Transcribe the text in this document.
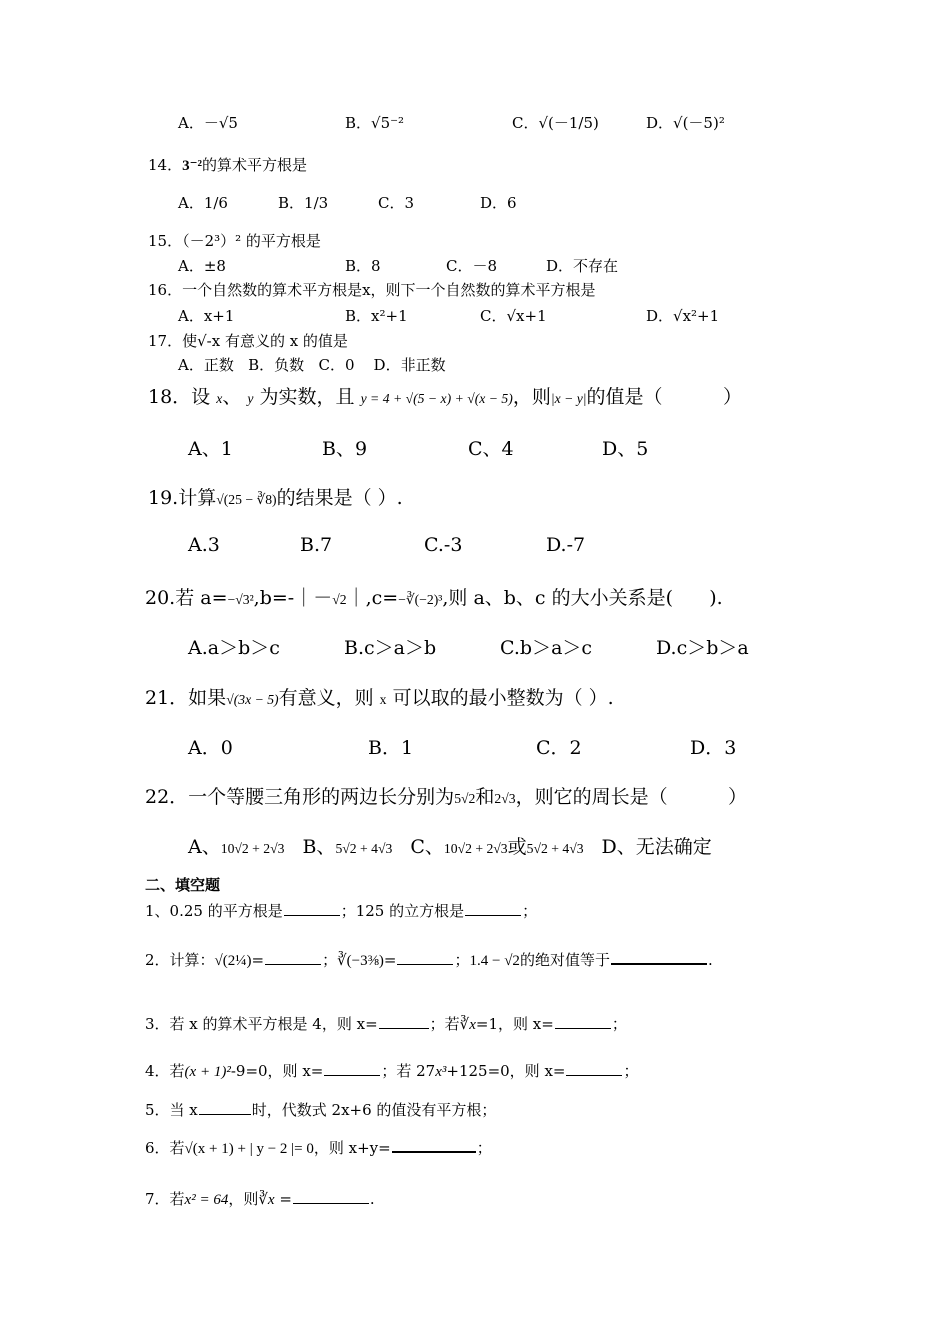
A．－√5	B．√5⁻²	C．√(－1/5)	D．√(－5)²
14．3⁻²的算术平方根是
A．1/6	B．1/3	C．3	D．6
15．（－2³）² 的平方根是
A．±8	B．8	C．－8	D．不存在
16．一个自然数的算术平方根是x，则下一个自然数的算术平方根是
A．x+1	B．x²+1	C．√x+1	D．√x²+1
17．使√-x 有意义的 x 的值是
A．正数   B．负数   C．0    D．非正数
18．设 x、 y 为实数，且 y = 4 + √(5 − x) + √(x − 5)，则|x − y|的值是（          ）
A、1	B、9	C、4	D、5
19.计算√(25 − ∛8)的结果是（ ）.
A.3	B.7	C.-3	D.-7
20.若 a=−√3²,b=-｜－√2｜,c=−∛(−2)³,则 a、b、c 的大小关系是(      ).
A.a＞b＞c	B.c＞a＞b	C.b＞a＞c	D.c＞b＞a
21．如果√(3x − 5)有意义，则 x 可以取的最小整数为（ ）.
A．0	B．1	C．2	D．3
22．一个等腰三角形的两边长分别为5√2和2√3，则它的周长是（          ）
A、10√2 + 2√3 B、5√2 + 4√3 C、10√2 + 2√3或5√2 + 4√3 D、无法确定
二、填空题
1、0.25 的平方根是	；125 的立方根是	；
2．计算：√(2¼)=	；∛(−3⅜)=	；1.4 − √2的绝对值等于	.
3．若 x 的算术平方根是 4，则 x=	；若∛x=1，则 x=	；
4．若(x + 1)²-9=0，则 x=	；若 27x³+125=0，则 x=	；
5．当 x	时，代数式 2x+6 的值没有平方根；
6．若√(x + 1) + | y − 2 |= 0，则 x+y=	；
7．若x² = 64，则∛x =	.
